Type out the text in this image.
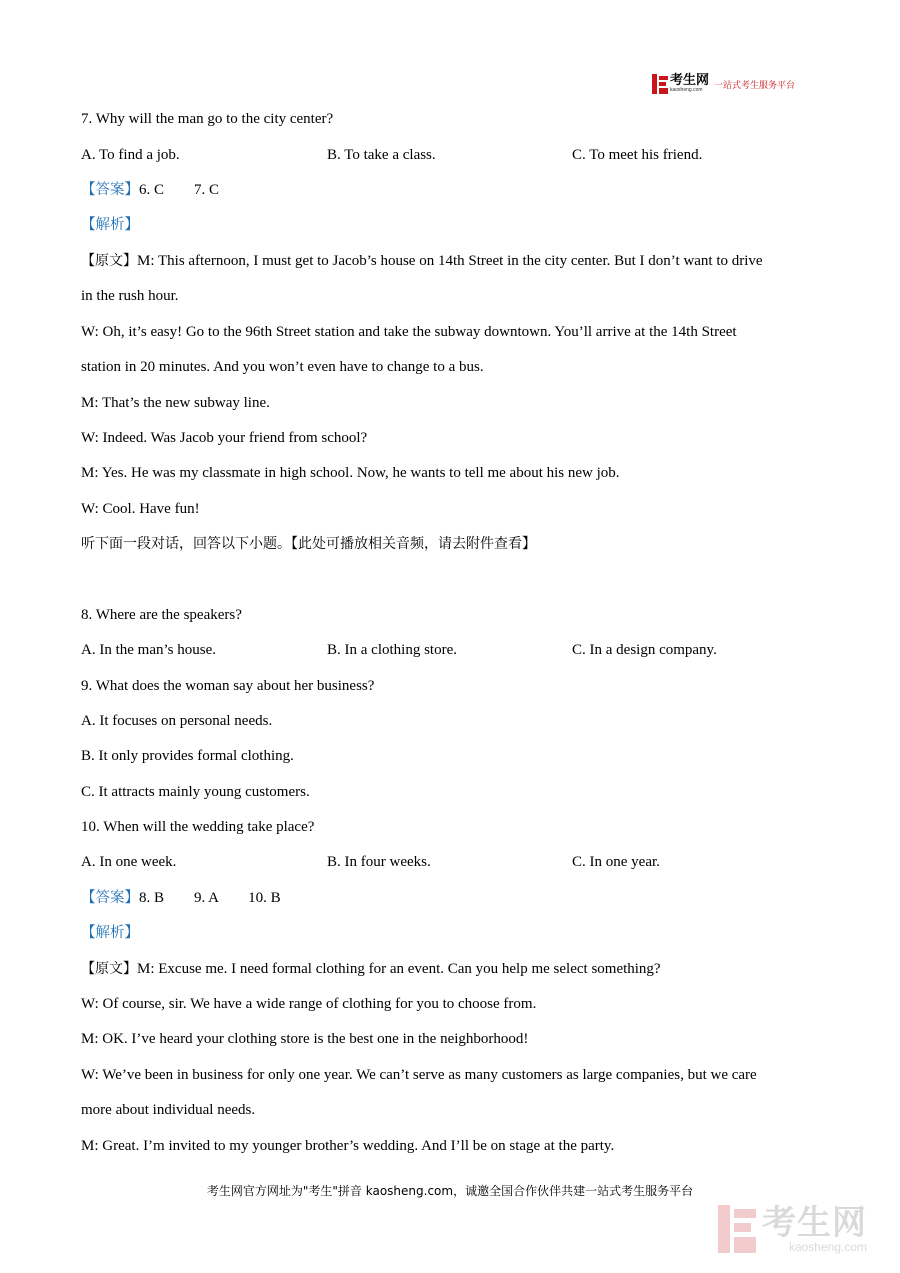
考生网
kaosheng.com	一站式考生服务平台
7. Why will the man go to the city center?
A. To find a job.	B. To take a class.	C. To meet his friend.
【答案】6. C        7. C
【解析】
【原文】M: This afternoon, I must get to Jacob’s house on 14th Street in the city center. But I don’t want to drive
in the rush hour.
W: Oh, it’s easy! Go to the 96th Street station and take the subway downtown. You’ll arrive at the 14th Street
station in 20 minutes. And you won’t even have to change to a bus.
M: That’s the new subway line.
W: Indeed. Was Jacob your friend from school?
M: Yes. He was my classmate in high school. Now, he wants to tell me about his new job.
W: Cool. Have fun!
听下面一段对话，回答以下小题。【此处可播放相关音频，请去附件查看】
8. Where are the speakers?
A. In the man’s house.	B. In a clothing store.	C. In a design company.
9. What does the woman say about her business?
A. It focuses on personal needs.
B. It only provides formal clothing.
C. It attracts mainly young customers.
10. When will the wedding take place?
A. In one week.	B. In four weeks.	C. In one year.
【答案】8. B        9. A        10. B
【解析】
【原文】M: Excuse me. I need formal clothing for an event. Can you help me select something?
W: Of course, sir. We have a wide range of clothing for you to choose from.
M: OK. I’ve heard your clothing store is the best one in the neighborhood!
W: We’ve been in business for only one year. We can’t serve as many customers as large companies, but we care
more about individual needs.
M: Great. I’m invited to my younger brother’s wedding. And I’ll be on stage at the party.
考生网官方网址为"考生"拼音 kaosheng.com，诚邀全国合作伙伴共建一站式考生服务平台
考生网
kaosheng.com
